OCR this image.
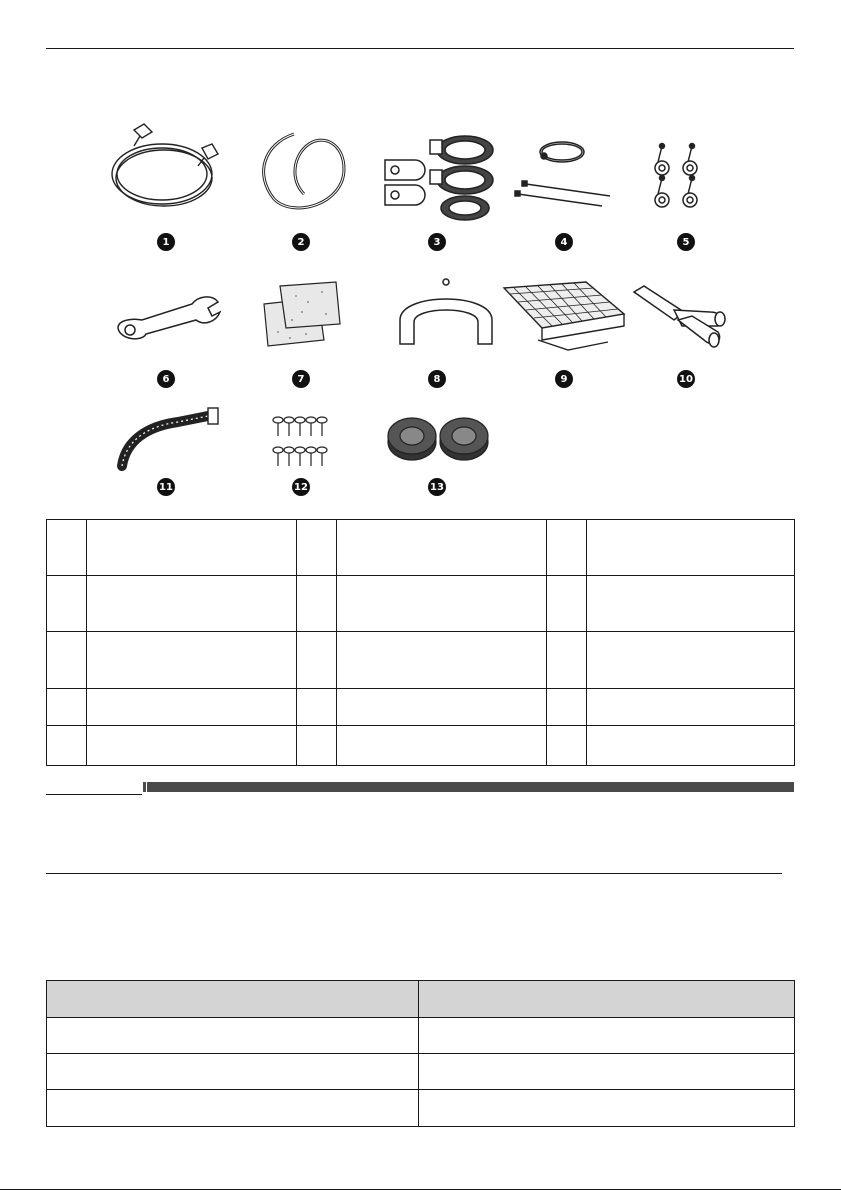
1	2	3	4	5
6	7	8	9	10
11	12	13
